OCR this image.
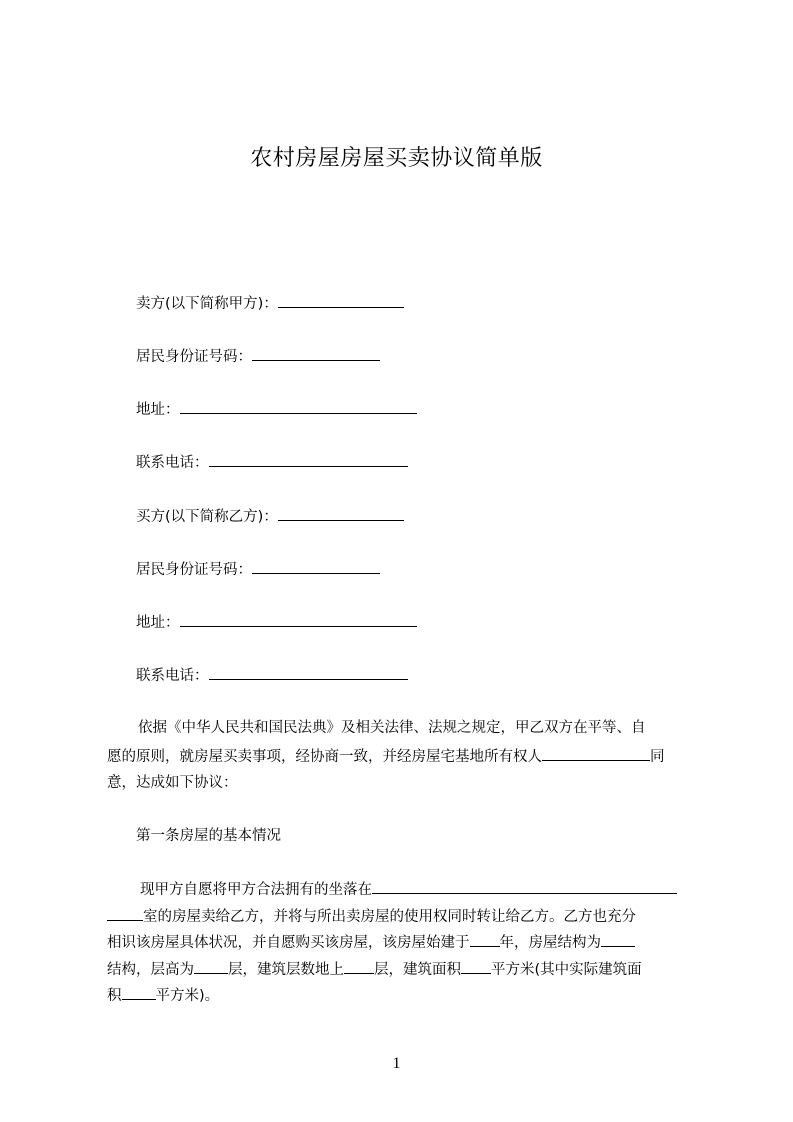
农村房屋房屋买卖协议简单版
卖方(以下简称甲方)：
居民身份证号码：
地址：
联系电话：
买方(以下简称乙方)：
居民身份证号码：
地址：
联系电话：
依据《中华人民共和国民法典》及相关法律、法规之规定，甲乙双方在平等、自
愿的原则，就房屋买卖事项，经协商一致，并经房屋宅基地所有权人	同
意，达成如下协议：
第一条房屋的基本情况
现甲方自愿将甲方合法拥有的坐落在
室的房屋卖给乙方，并将与所出卖房屋的使用权同时转让给乙方。乙方也充分
相识该房屋具体状况，并自愿购买该房屋，该房屋始建于 年，房屋结构为
结构，层高为 层，建筑层数地上 层，建筑面积 平方米(其中实际建筑面
积 平方米)。
1
